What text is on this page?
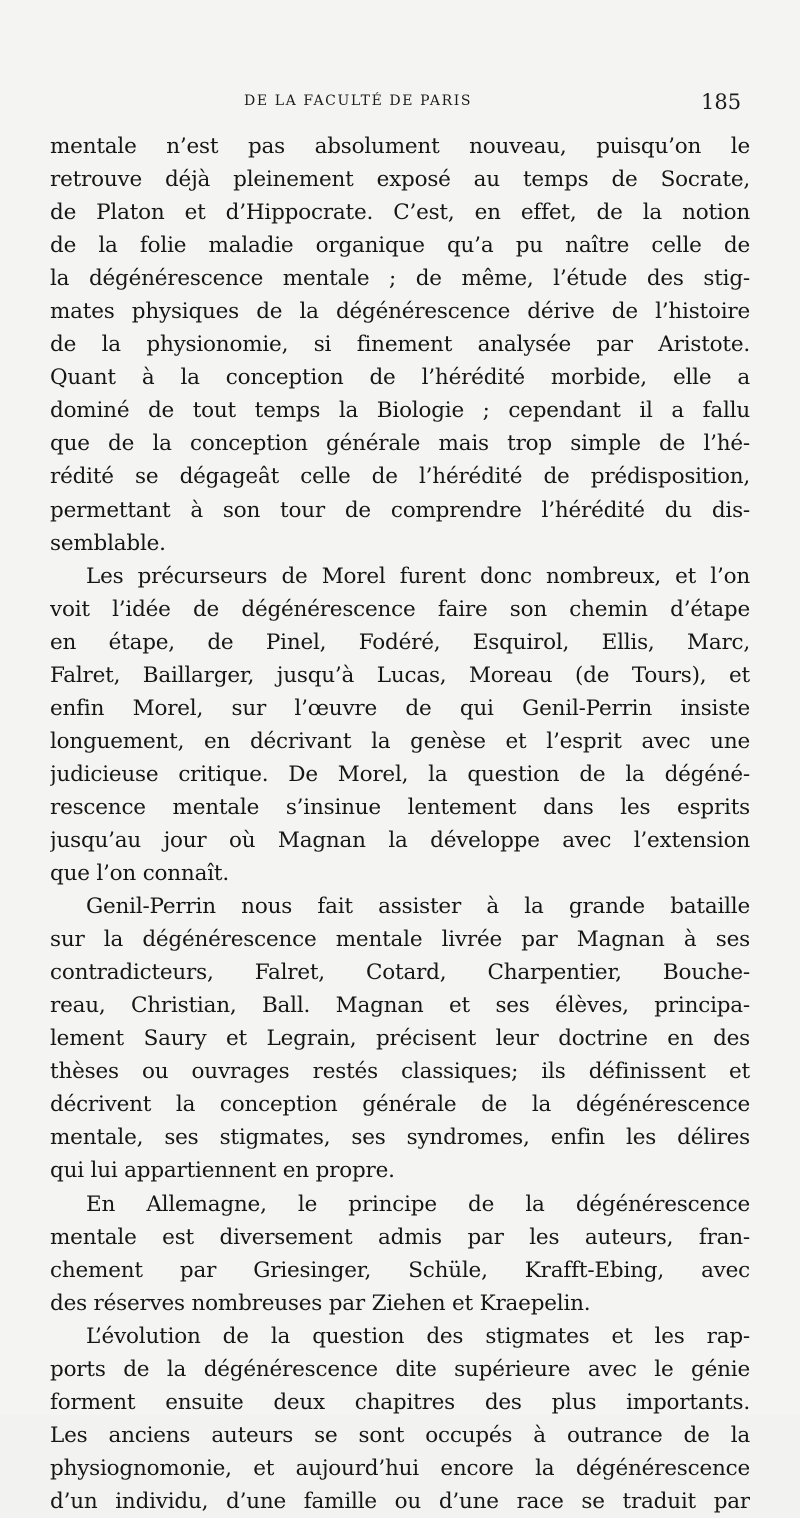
DE LA FACULTÉ DE PARIS	185
mentale n’est pas absolument nouveau, puisqu’on le
retrouve déjà pleinement exposé au temps de Socrate,
de Platon et d’Hippocrate. C’est, en effet, de la notion
de la folie maladie organique qu’a pu naître celle de
la dégénérescence mentale ; de même, l’étude des stig-
mates physiques de la dégénérescence dérive de l’histoire
de la physionomie, si finement analysée par Aristote.
Quant à la conception de l’hérédité morbide, elle a
dominé de tout temps la Biologie ; cependant il a fallu
que de la conception générale mais trop simple de l’hé-
rédité se dégageât celle de l’hérédité de prédisposition,
permettant à son tour de comprendre l’hérédité du dis-
semblable.
Les précurseurs de Morel furent donc nombreux, et l’on
voit l’idée de dégénérescence faire son chemin d’étape
en étape, de Pinel, Fodéré, Esquirol, Ellis, Marc,
Falret, Baillarger, jusqu’à Lucas, Moreau (de Tours), et
enfin Morel, sur l’œuvre de qui Genil-Perrin insiste
longuement, en décrivant la genèse et l’esprit avec une
judicieuse critique. De Morel, la question de la dégéné-
rescence mentale s’insinue lentement dans les esprits
jusqu’au jour où Magnan la développe avec l’extension
que l’on connaît.
Genil-Perrin nous fait assister à la grande bataille
sur la dégénérescence mentale livrée par Magnan à ses
contradicteurs, Falret, Cotard, Charpentier, Bouche-
reau, Christian, Ball. Magnan et ses élèves, principa-
lement Saury et Legrain, précisent leur doctrine en des
thèses ou ouvrages restés classiques; ils définissent et
décrivent la conception générale de la dégénérescence
mentale, ses stigmates, ses syndromes, enfin les délires
qui lui appartiennent en propre.
En Allemagne, le principe de la dégénérescence
mentale est diversement admis par les auteurs, fran-
chement par Griesinger, Schüle, Krafft-Ebing, avec
des réserves nombreuses par Ziehen et Kraepelin.
L’évolution de la question des stigmates et les rap-
ports de la dégénérescence dite supérieure avec le génie
forment ensuite deux chapitres des plus importants.
Les anciens auteurs se sont occupés à outrance de la
physiognomonie, et aujourd’hui encore la dégénérescence
d’un individu, d’une famille ou d’une race se traduit par
